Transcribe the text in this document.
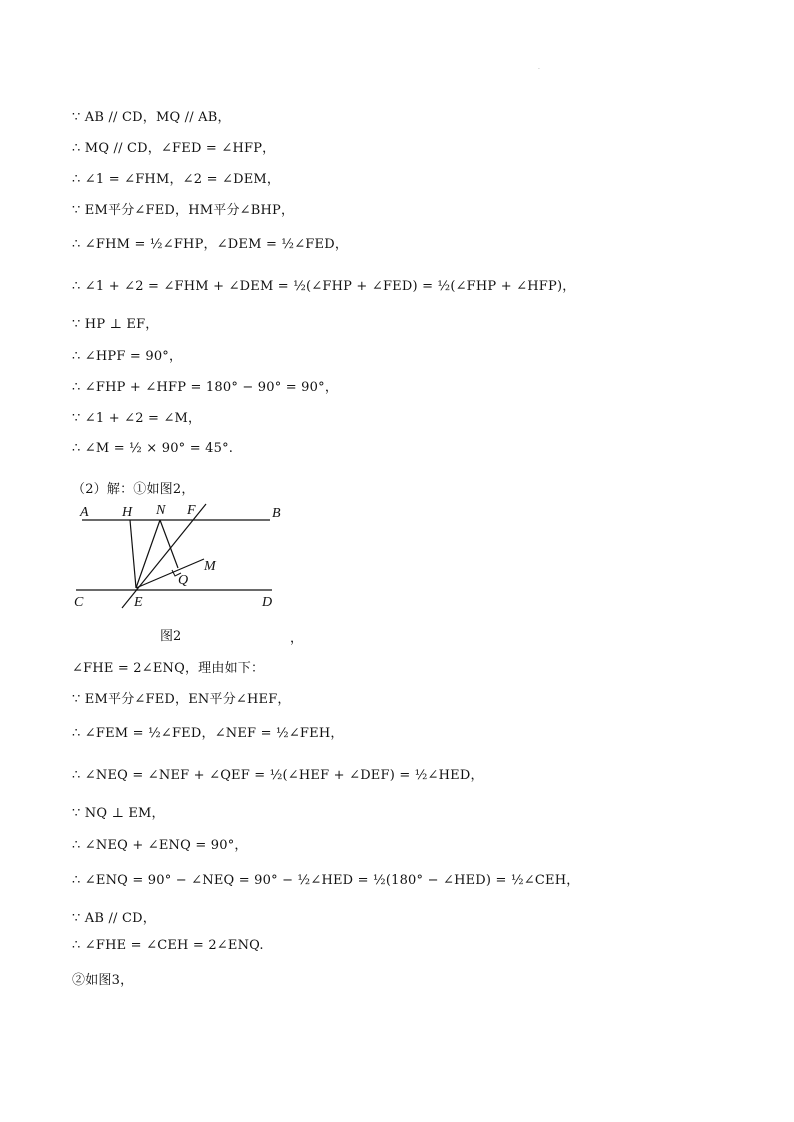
·
∵ AB // CD，MQ // AB，
∴ MQ // CD，∠FED = ∠HFP，
∴ ∠1 = ∠FHM，∠2 = ∠DEM，
∵ EM平分∠FED，HM平分∠BHP，
∴ ∠FHM = ½∠FHP，∠DEM = ½∠FED，
∴ ∠1 + ∠2 = ∠FHM + ∠DEM = ½(∠FHP + ∠FED) = ½(∠FHP + ∠HFP)，
∵ HP ⊥ EF，
∴ ∠HPF = 90°，
∴ ∠FHP + ∠HFP = 180° − 90° = 90°，
∵ ∠1 + ∠2 = ∠M，
∴ ∠M = ½ × 90° = 45°.
（2）解：①如图2，
∠FHE = 2∠ENQ，理由如下：
∵ EM平分∠FED，EN平分∠HEF，
∴ ∠FEM = ½∠FED，∠NEF = ½∠FEH，
∴ ∠NEQ = ∠NEF + ∠QEF = ½(∠HEF + ∠DEF) = ½∠HED，
∵ NQ ⊥ EM，
∴ ∠NEQ + ∠ENQ = 90°，
∴ ∠ENQ = 90° − ∠NEQ = 90° − ½∠HED = ½(180° − ∠HED) = ½∠CEH，
∵ AB // CD，
∴ ∠FHE = ∠CEH = 2∠ENQ.
②如图3，
A H N F	B
M
Q
C	E	D
图2	，
